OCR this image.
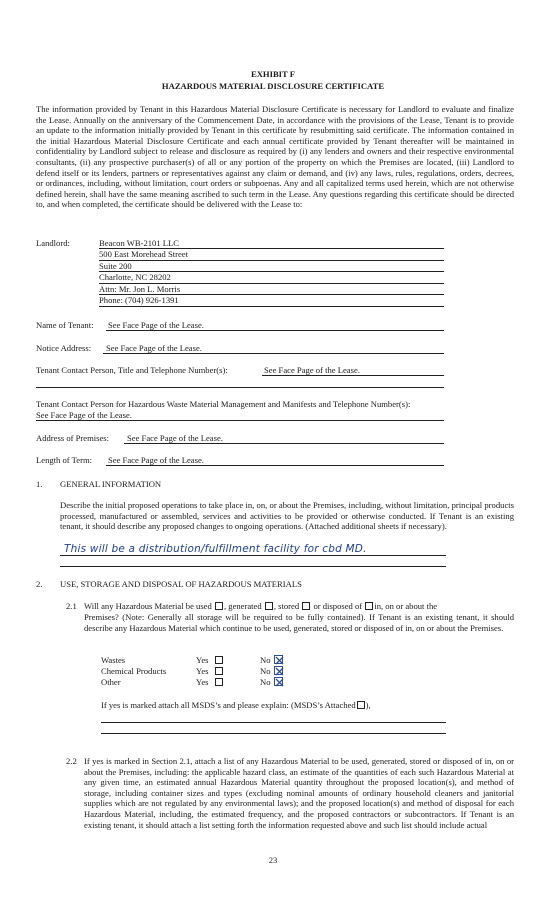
EXHIBIT F
HAZARDOUS MATERIAL DISCLOSURE CERTIFICATE
The information provided by Tenant in this Hazardous Material Disclosure Certificate is necessary for Landlord to evaluate and finalize the Lease. Annually on the anniversary of the Commencement Date, in accordance with the provisions of the Lease, Tenant is to provide an update to the information initially provided by Tenant in this certificate by resubmitting said certificate. The information contained in the initial Hazardous Material Disclosure Certificate and each annual certificate provided by Tenant thereafter will be maintained in confidentiality by Landlord subject to release and disclosure as required by (i) any lenders and owners and their respective environmental consultants, (ii) any prospective purchaser(s) of all or any portion of the property on which the Premises are located, (iii) Landlord to defend itself or its lenders, partners or representatives against any claim or demand, and (iv) any laws, rules, regulations, orders, decrees, or ordinances, including, without limitation, court orders or subpoenas. Any and all capitalized terms used herein, which are not otherwise defined herein, shall have the same meaning ascribed to such term in the Lease. Any questions regarding this certificate should be directed to, and when completed, the certificate should be delivered with the Lease to:
Landlord:	Beacon WB-2101 LLC
500 East Morehead Street
Suite 200
Charlotte, NC 28202
Attn: Mr. Jon L. Morris
Phone: (704) 926-1391
Name of Tenant: See Face Page of the Lease.
Notice Address: See Face Page of the Lease.
Tenant Contact Person, Title and Telephone Number(s):	See Face Page of the Lease.
Tenant Contact Person for Hazardous Waste Material Management and Manifests and Telephone Number(s):
See Face Page of the Lease.
Address of Premises: See Face Page of the Lease.
Length of Term: See Face Page of the Lease.
1. GENERAL INFORMATION
Describe the initial proposed operations to take place in, on, or about the Premises, including, without limitation, principal products processed, manufactured or assembled, services and activities to be provided or otherwise conducted. If Tenant is an existing tenant, it should describe any proposed changes to ongoing operations. (Attached additional sheets if necessary).
This will be a distribution/fulfillment facility for cbd MD.
2. USE, STORAGE AND DISPOSAL OF HAZARDOUS MATERIALS
2.1 Will any Hazardous Material be used , generated , stored or disposed of in, on or about the
Premises? (Note: Generally all storage will be required to be fully contained). If Tenant is an existing tenant, it should describe any Hazardous Material which continue to be used, generated, stored or disposed of in, on or about the Premises.
Wastes	Yes	No
Chemical Products	Yes	No
Other	Yes	No
If yes is marked attach all MSDS’s and please explain: (MSDS’s Attached ),
2.2 If yes is marked in Section 2.1, attach a list of any Hazardous Material to be used, generated, stored or disposed of in, on or about the Premises, including: the applicable hazard class, an estimate of the quantities of each such Hazardous Material at any given time, an estimated annual Hazardous Material quantity throughout the proposed location(s), and method of storage, including container sizes and types (excluding nominal amounts of ordinary household cleaners and janitorial supplies which are not regulated by any environmental laws); and the proposed location(s) and method of disposal for each Hazardous Material, including, the estimated frequency, and the proposed contractors or subcontractors. If Tenant is an existing tenant, it should attach a list setting forth the information requested above and such list should include actual
23
